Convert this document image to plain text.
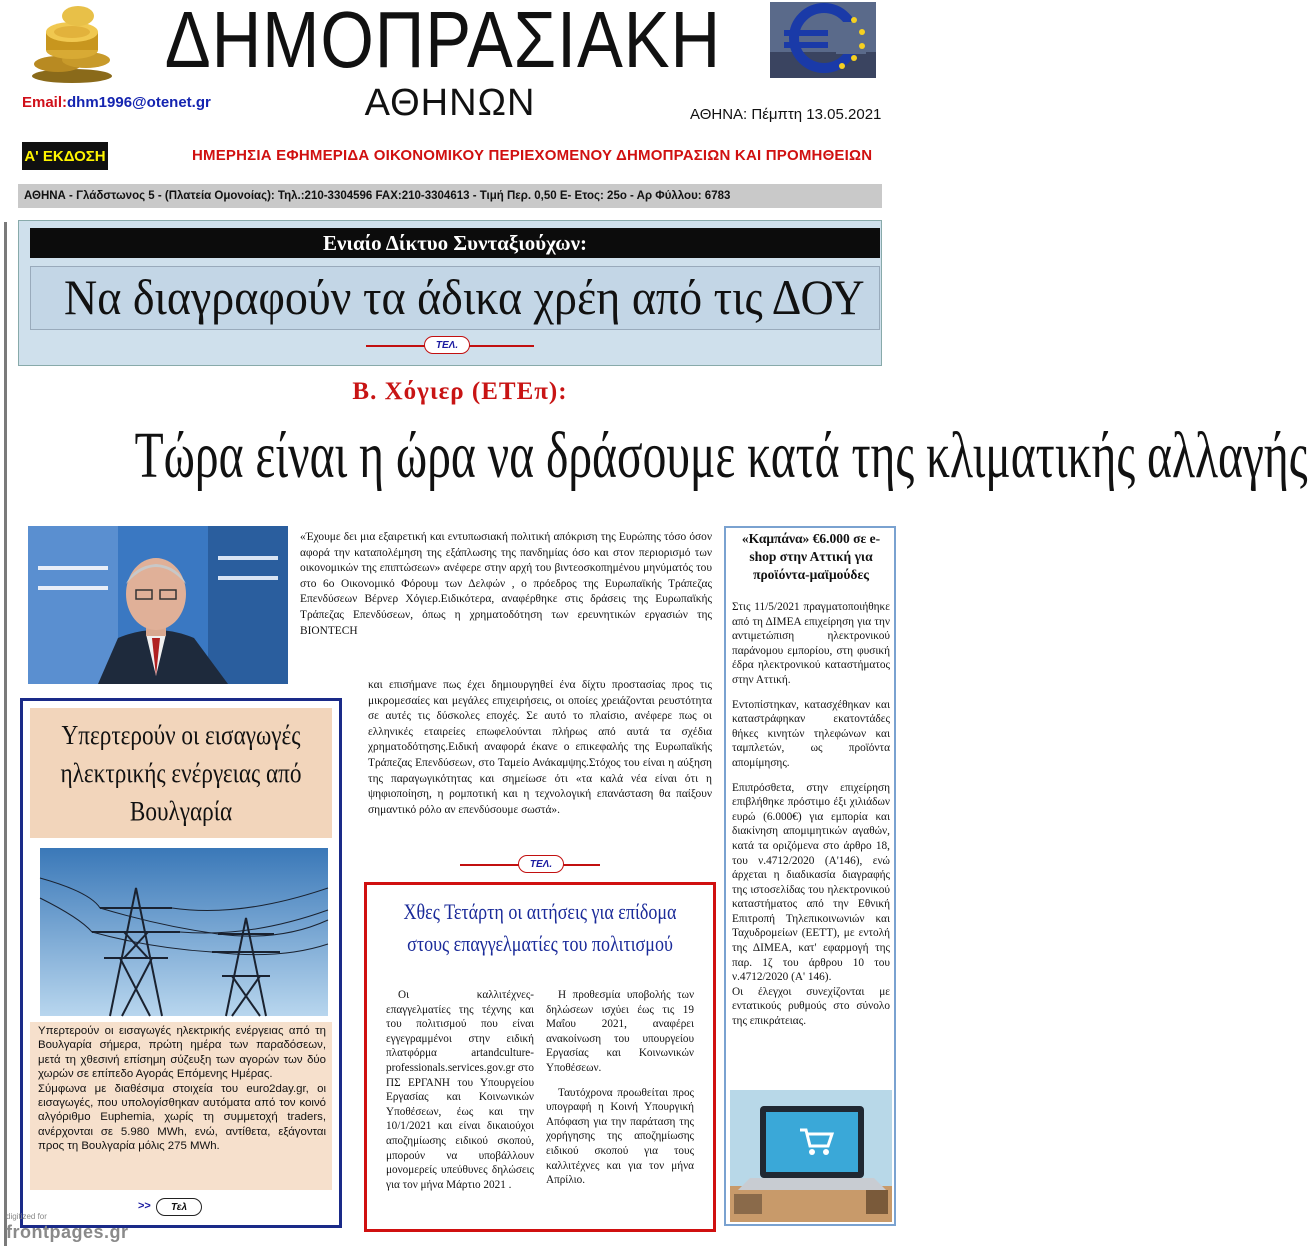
ΔΗΜΟΠΡΑΣΙΑΚΗ
Email:dhm1996@otenet.gr	ΑΘΗΝΩΝ	ΑΘΗΝΑ: Πέμπτη 13.05.2021
Α' ΕΚΔΟΣΗ	ΗΜΕΡΗΣΙΑ ΕΦΗΜΕΡΙΔΑ ΟΙΚΟΝΟΜΙΚΟΥ ΠΕΡΙΕΧΟΜΕΝΟΥ ΔΗΜΟΠΡΑΣΙΩΝ ΚΑΙ ΠΡΟΜΗΘΕΙΩΝ
ΑΘΗΝΑ - Γλάδστωνος 5 - (Πλατεία Ομονοίας): Τηλ.:210-3304596 FAX:210-3304613 - Τιμή Περ. 0,50 Ε- Ετος: 25ο - Αρ Φύλλου: 6783
Ενιαίο Δίκτυο Συνταξιούχων:
Να διαγραφούν τα άδικα χρέη από τις ΔΟΥ
ΤΕΛ.
Β. Χόγιερ (ΕΤΕπ):
Τώρα είναι η ώρα να δράσουμε κατά της κλιματικής αλλαγής
«Έχουμε δει μια εξαιρετική και εντυπωσιακή πολιτική απόκριση της Ευρώπης τόσο όσον αφορά την καταπολέμηση της εξάπλωσης της πανδημίας όσο και στον περιορισμό των οικονομικών της επιπτώσεων» ανέφερε στην αρχή του βιντεοσκοπημένου μηνύματός του στο 6ο Οικονομικό Φόρουμ των Δελφών , ο πρόεδρος της Ευρωπαϊκής Τράπεζας Επενδύσεων Βέρνερ Χόγιερ.Ειδικότερα, αναφέρθηκε στις δράσεις της Ευρωπαϊκής Τράπεζας Επενδύσεων, όπως η χρηματοδότηση των ερευνητικών εργασιών της BIONTECH
και επισήμανε πως έχει δημιουργηθεί ένα δίχτυ προστασίας προς τις μικρομεσαίες και μεγάλες επιχειρήσεις, οι οποίες χρειάζονται ρευστότητα σε αυτές τις δύσκολες εποχές. Σε αυτό το πλαίσιο, ανέφερε πως οι ελληνικές εταιρείες επωφελούνται πλήρως από αυτά τα σχέδια χρηματοδότησης.Ειδική αναφορά έκανε ο επικεφαλής της Ευρωπαϊκής Τράπεζας Επενδύσεων, στο Ταμείο Ανάκαμψης.Στόχος του είναι η αύξηση της παραγωγικότητας και σημείωσε ότι «τα καλά νέα είναι ότι η ψηφιοποίηση, η ρομποτική και η τεχνολογική επανάσταση θα παίξουν σημαντικό ρόλο αν επενδύσουμε σωστά».
ΤΕΛ.
«Καμπάνα» €6.000 σε e-shop στην Αττική για προϊόντα-μαϊμούδες

Στις 11/5/2021 πραγματοποιήθηκε από τη ΔΙΜΕΑ επιχείρηση για την αντιμετώπιση ηλεκτρονικού παράνομου εμπορίου, στη φυσική έδρα ηλεκτρονικού καταστήματος στην Αττική.

Εντοπίστηκαν, κατασχέθηκαν και καταστράφηκαν εκατοντάδες θήκες κινητών τηλεφώνων και ταμπλετών, ως προϊόντα απομίμησης.

Επιπρόσθετα, στην επιχείρηση επιβλήθηκε πρόστιμο έξι χιλιάδων ευρώ (6.000€) για εμπορία και διακίνηση απομιμητικών αγαθών, κατά τα οριζόμενα στο άρθρο 18, του ν.4712/2020 (Α'146), ενώ άρχεται η διαδικασία διαγραφής της ιστοσελίδας του ηλεκτρονικού καταστήματος από την Εθνική Επιτροπή Τηλεπικοινωνιών και Ταχυδρομείων (ΕΕΤΤ), με εντολή της ΔΙΜΕΑ, κατ' εφαρμογή της παρ. 1ζ του άρθρου 10 του ν.4712/2020 (Α' 146).

Οι έλεγχοι συνεχίζονται με εντατικούς ρυθμούς στο σύνολο της επικράτειας.

Υπερτερούν οι εισαγωγές ηλεκτρικής ενέργειας από Βουλγαρία

Υπερτερούν οι εισαγωγές ηλεκτρικής ενέργειας από τη Βουλγαρία σήμερα, πρώτη ημέρα των παραδόσεων, μετά τη χθεσινή επίσημη σύζευξη των αγορών των δύο χωρών σε επίπεδο Αγοράς Επόμενης Ημέρας.

Σύμφωνα με διαθέσιμα στοιχεία του euro2day.gr, οι εισαγωγές, που υπολογίσθηκαν αυτόματα από τον κοινό αλγόριθμο Euphemia, χωρίς τη συμμετοχή traders, ανέρχονται σε 5.980 MWh, ενώ, αντίθετα, εξάγονται προς τη Βουλγαρία μόλις 275 MWh.

>>	Τελ
Χθες Τετάρτη οι αιτήσεις για επίδομα στους επαγγελματίες του πολιτισμού

Οι καλλιτέχνες- επαγγελματίες της τέχνης και του πολιτισμού που είναι εγγεγραμμένοι στην ειδική πλατφόρμα artandculture-professionals.services.gov.gr στο ΠΣ ΕΡΓΑΝΗ του Υπουργείου Εργασίας και Κοινωνικών Υποθέσεων, έως και την 10/1/2021 και είναι δικαιούχοι αποζημίωσης ειδικού σκοπού, μπορούν να υποβάλλουν μονομερείς υπεύθυνες δηλώσεις για τον μήνα Μάρτιο 2021 .

Η προθεσμία υποβολής των δηλώσεων ισχύει έως τις 19 Μαΐου 2021, αναφέρει ανακοίνωση του υπουργείου Εργασίας και Κοινωνικών Υποθέσεων.

Ταυτόχρονα προωθείται προς υπογραφή η Κοινή Υπουργική Απόφαση για την παράταση της χορήγησης της αποζημίωσης ειδικού σκοπού για τους καλλιτέχνες και για τον μήνα Απρίλιο.

digitized for
frontpages.gr
